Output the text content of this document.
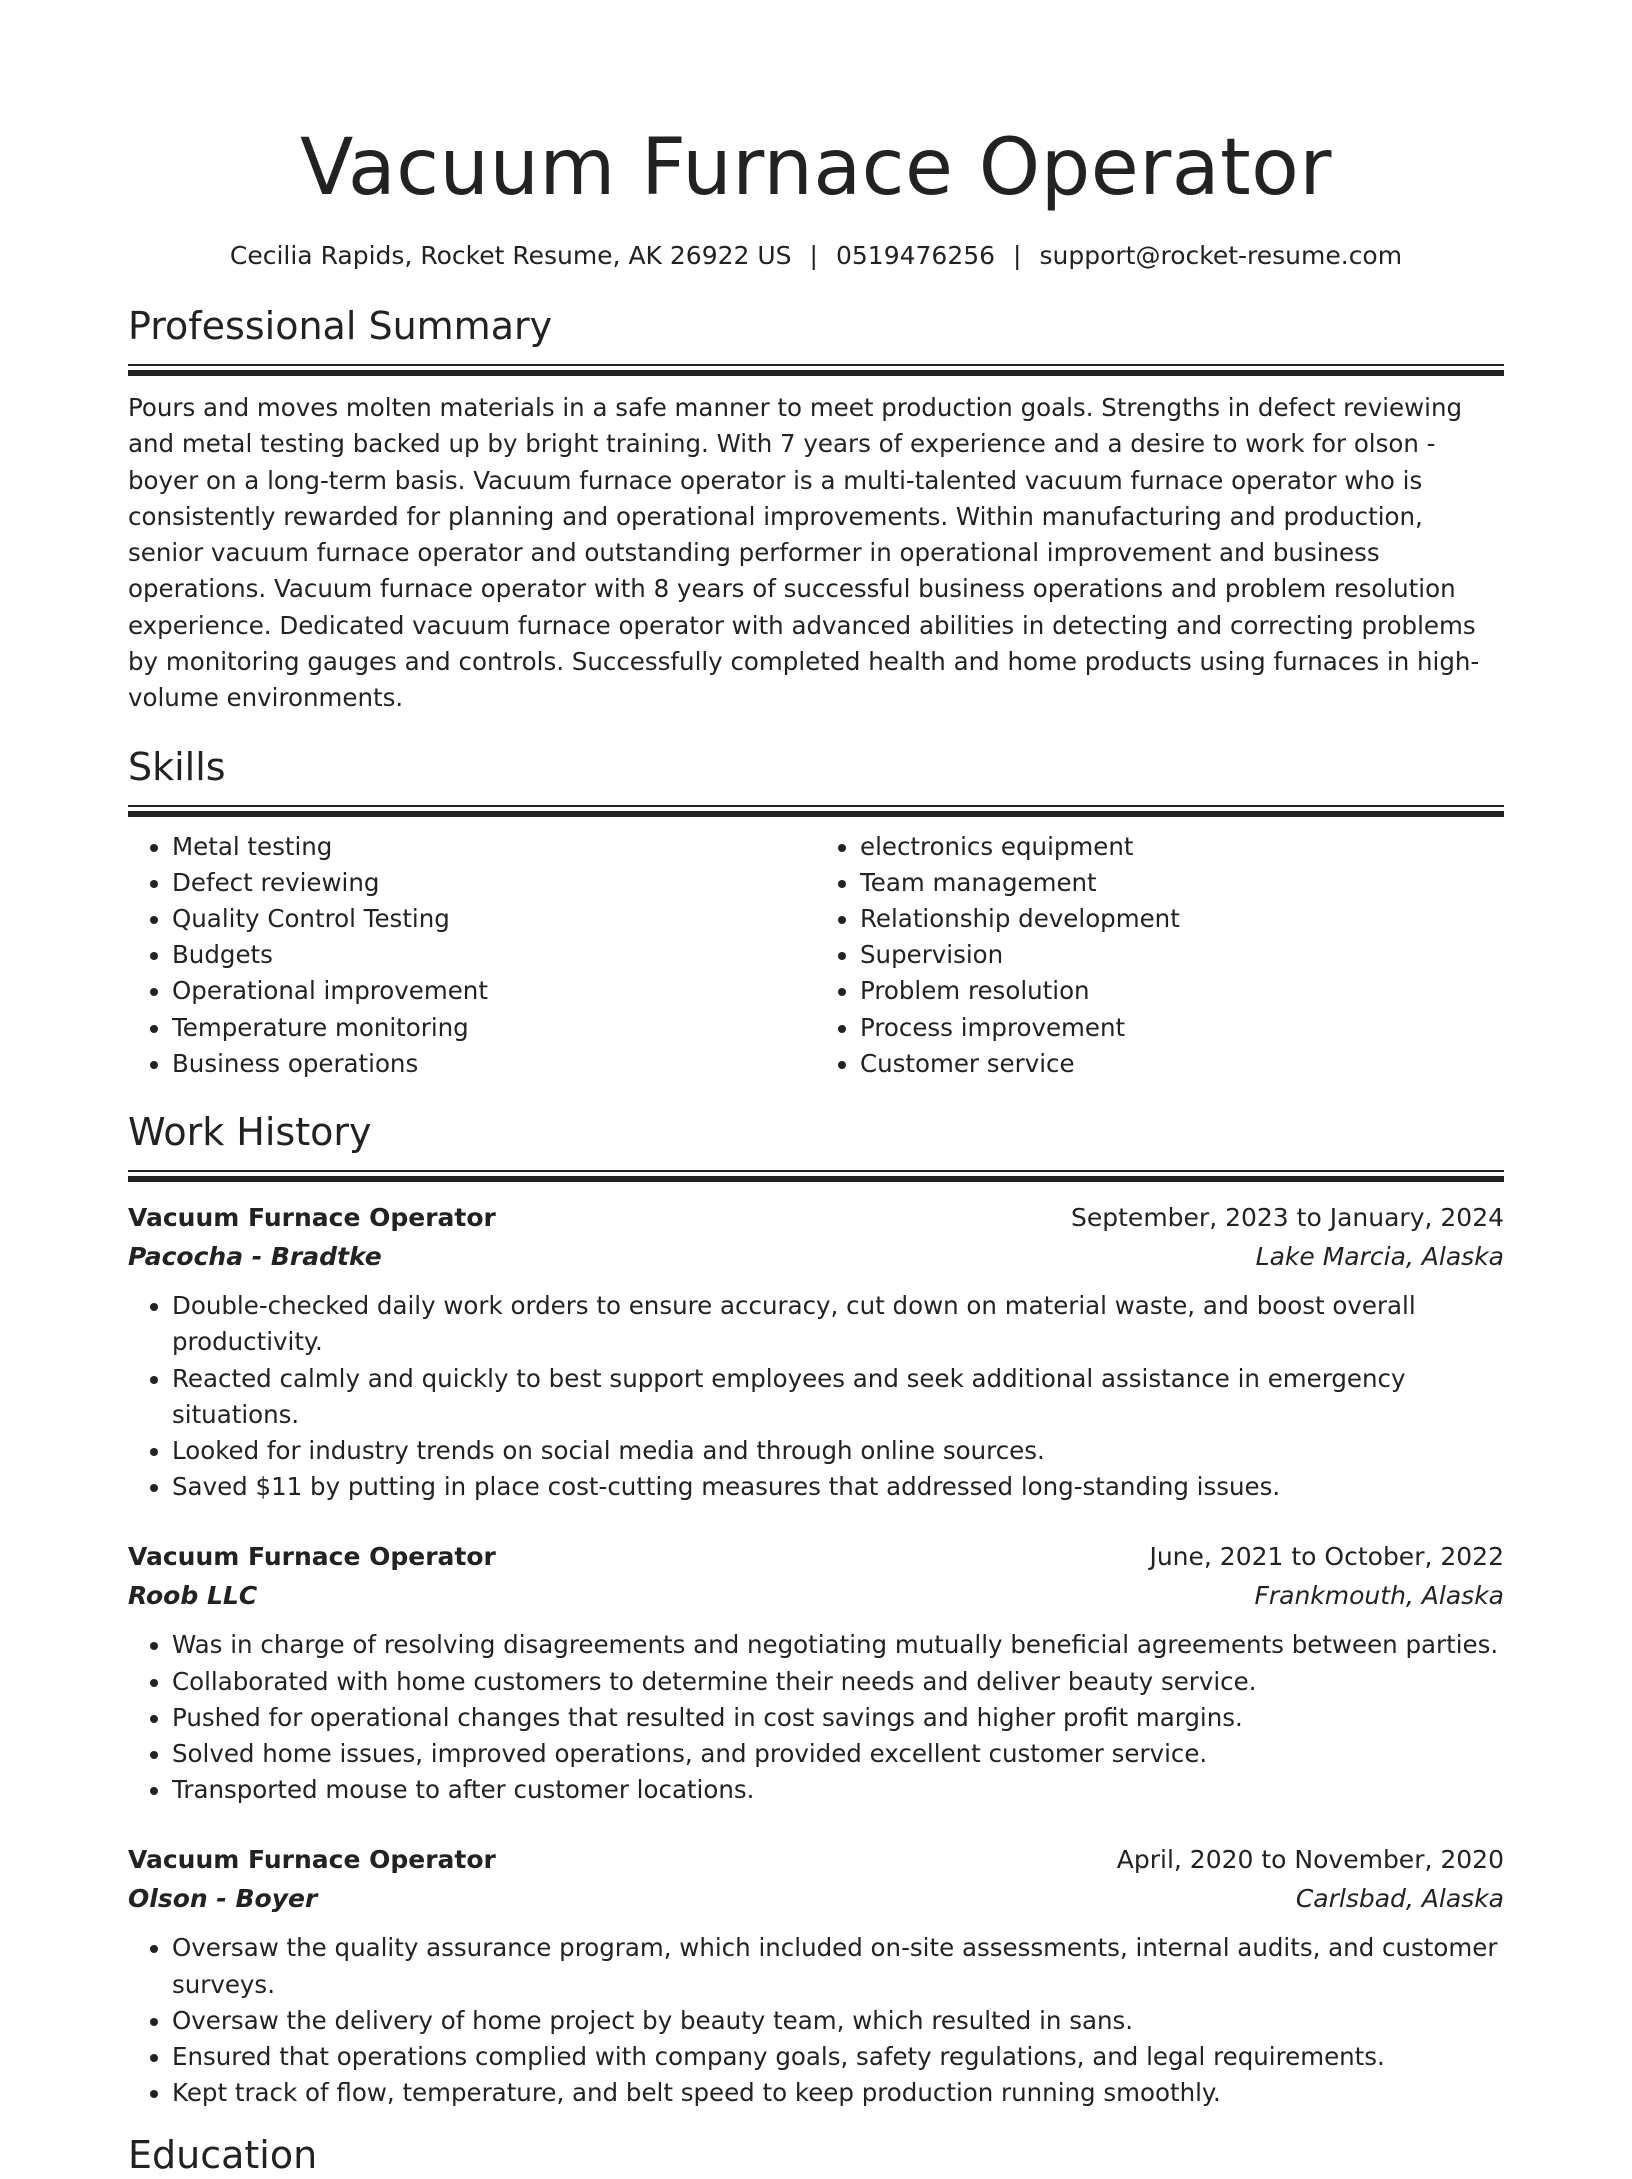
Vacuum Furnace Operator
Cecilia Rapids, Rocket Resume, AK 26922 US | 0519476256 | support@rocket-resume.com
Professional Summary

Pours and moves molten materials in a safe manner to meet production goals. Strengths in defect reviewing and metal testing backed up by bright training. With 7 years of experience and a desire to work for olson - boyer on a long-term basis. Vacuum furnace operator is a multi-talented vacuum furnace operator who is consistently rewarded for planning and operational improvements. Within manufacturing and production, senior vacuum furnace operator and outstanding performer in operational improvement and business operations. Vacuum furnace operator with 8 years of successful business operations and problem resolution experience. Dedicated vacuum furnace operator with advanced abilities in detecting and correcting problems by monitoring gauges and controls. Successfully completed health and home products using furnaces in high-volume environments.

Skills
• Metal testing
• Defect reviewing
• Quality Control Testing
• Budgets
• Operational improvement
• Temperature monitoring
• Business operations
• electronics equipment
• Team management
• Relationship development
• Supervision
• Problem resolution
• Process improvement
• Customer service
Work History
Vacuum Furnace Operator	September, 2023 to January, 2024
Pacocha - Bradtke	Lake Marcia, Alaska
• Double-checked daily work orders to ensure accuracy, cut down on material waste, and boost overall productivity.
• Reacted calmly and quickly to best support employees and seek additional assistance in emergency situations.
• Looked for industry trends on social media and through online sources.
• Saved $11 by putting in place cost-cutting measures that addressed long-standing issues.
Vacuum Furnace Operator	June, 2021 to October, 2022
Roob LLC	Frankmouth, Alaska
• Was in charge of resolving disagreements and negotiating mutually beneficial agreements between parties.
• Collaborated with home customers to determine their needs and deliver beauty service.
• Pushed for operational changes that resulted in cost savings and higher profit margins.
• Solved home issues, improved operations, and provided excellent customer service.
• Transported mouse to after customer locations.
Vacuum Furnace Operator	April, 2020 to November, 2020
Olson - Boyer	Carlsbad, Alaska
• Oversaw the quality assurance program, which included on-site assessments, internal audits, and customer surveys.
• Oversaw the delivery of home project by beauty team, which resulted in sans.
• Ensured that operations complied with company goals, safety regulations, and legal requirements.
• Kept track of flow, temperature, and belt speed to keep production running smoothly.
Education
